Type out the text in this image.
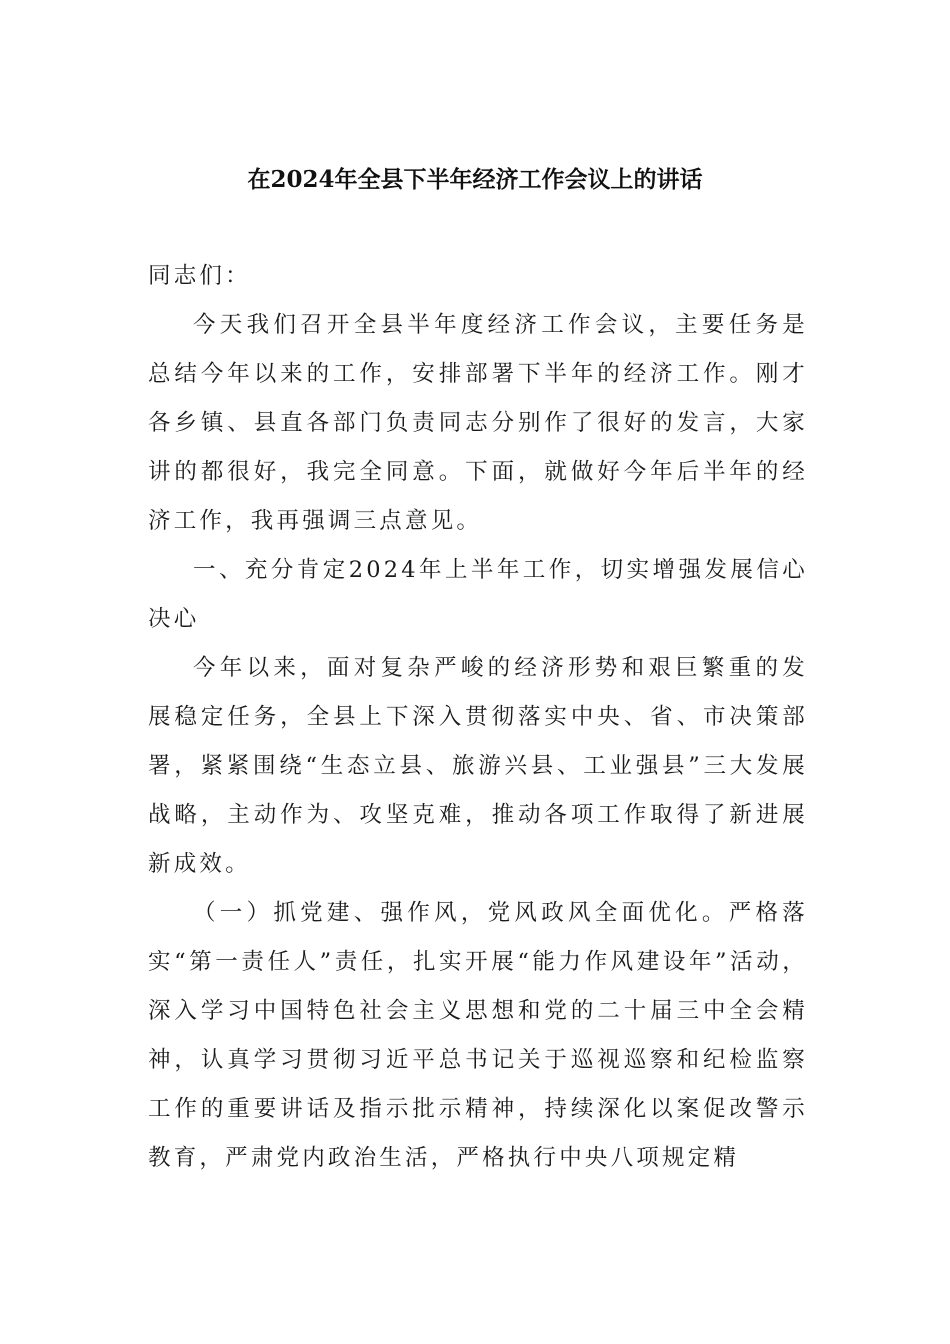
在2024年全县下半年经济工作会议上的讲话

同志们：

今天我们召开全县半年度经济工作会议，主要任务是总结今年以来的工作，安排部署下半年的经济工作。刚才各乡镇、县直各部门负责同志分别作了很好的发言，大家讲的都很好，我完全同意。下面，就做好今年后半年的经济工作，我再强调三点意见。

一、充分肯定2024年上半年工作，切实增强发展信心决心

今年以来，面对复杂严峻的经济形势和艰巨繁重的发展稳定任务，全县上下深入贯彻落实中央、省、市决策部署，紧紧围绕“生态立县、旅游兴县、工业强县”三大发展战略，主动作为、攻坚克难，推动各项工作取得了新进展新成效。

（一）抓党建、强作风，党风政风全面优化。严格落实“第一责任人”责任，扎实开展“能力作风建设年”活动，深入学习中国特色社会主义思想和党的二十届三中全会精神，认真学习贯彻习近平总书记关于巡视巡察和纪检监察工作的重要讲话及指示批示精神，持续深化以案促改警示教育，严肃党内政治生活，严格执行中央八项规定精
